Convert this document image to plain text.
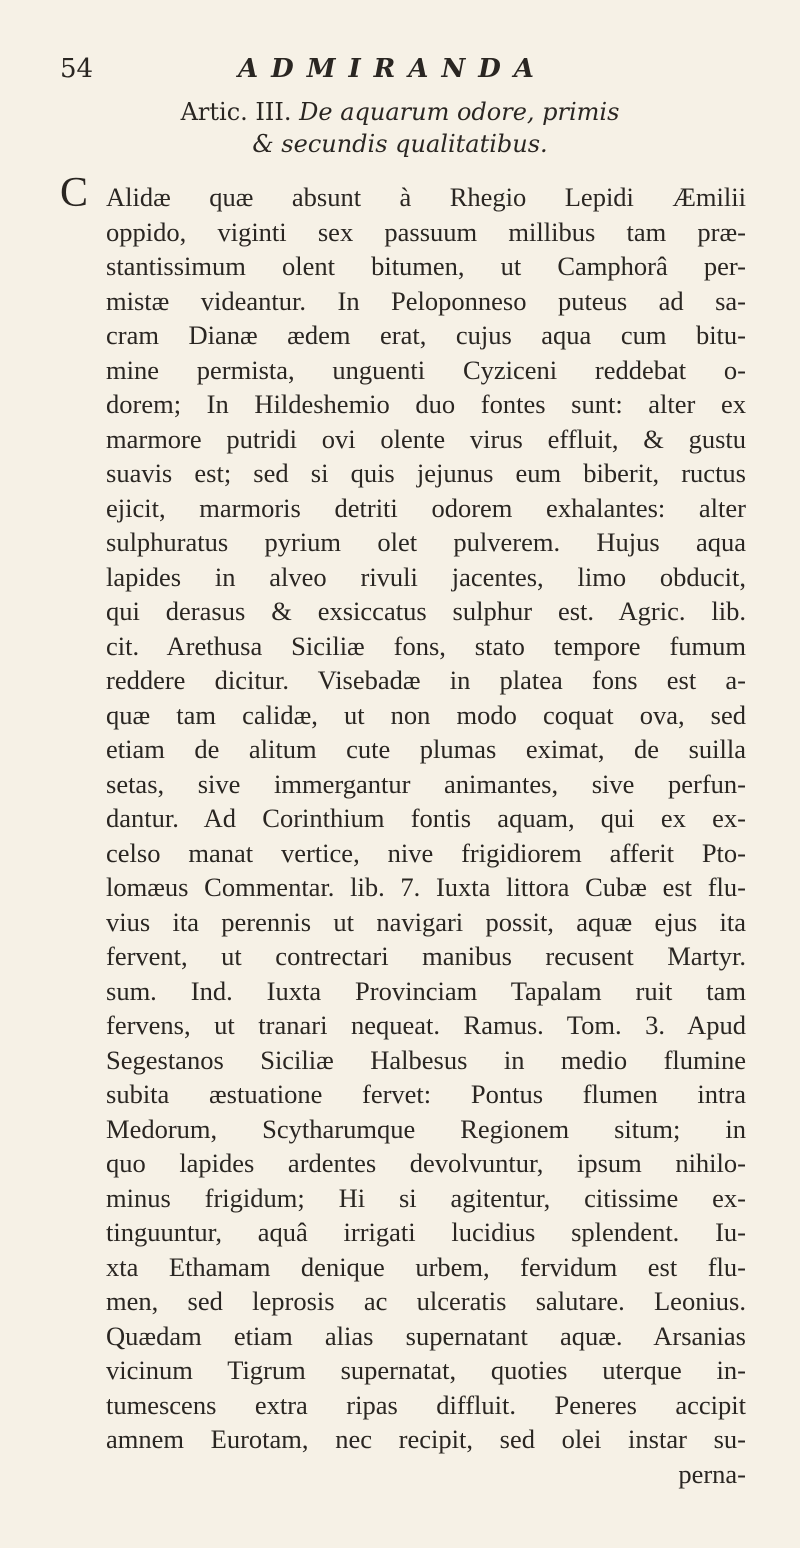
54	ADMIRANDA
Artic. III. De aquarum odore, primis
& secundis qualitatibus.
C Alidæ quæ absunt à Rhegio Lepidi Æmilii
oppido, viginti sex passuum millibus tam præ-
stantissimum olent bitumen, ut Camphorâ per-
mistæ videantur. In Peloponneso puteus ad sa-
cram Dianæ ædem erat, cujus aqua cum bitu-
mine permista, unguenti Cyziceni reddebat o-
dorem; In Hildeshemio duo fontes sunt: alter ex
marmore putridi ovi olente virus effluit, & gustu
suavis est; sed si quis jejunus eum biberit, ructus
ejicit, marmoris detriti odorem exhalantes: alter
sulphuratus pyrium olet pulverem. Hujus aqua
lapides in alveo rivuli jacentes, limo obducit,
qui derasus & exsiccatus sulphur est. Agric. lib.
cit. Arethusa Siciliæ fons, stato tempore fumum
reddere dicitur. Visebadæ in platea fons est a-
quæ tam calidæ, ut non modo coquat ova, sed
etiam de alitum cute plumas eximat, de suilla
setas, sive immergantur animantes, sive perfun-
dantur. Ad Corinthium fontis aquam, qui ex ex-
celso manat vertice, nive frigidiorem afferit Pto-
lomæus Commentar. lib. 7. Iuxta littora Cubæ est flu-
vius ita perennis ut navigari possit, aquæ ejus ita
fervent, ut contrectari manibus recusent Martyr.
sum. Ind. Iuxta Provinciam Tapalam ruit tam
fervens, ut tranari nequeat. Ramus. Tom. 3. Apud
Segestanos Siciliæ Halbesus in medio flumine
subita æstuatione fervet: Pontus flumen intra
Medorum, Scytharumque Regionem situm; in
quo lapides ardentes devolvuntur, ipsum nihilo-
minus frigidum; Hi si agitentur, citissime ex-
tinguuntur, aquâ irrigati lucidius splendent. Iu-
xta Ethamam denique urbem, fervidum est flu-
men, sed leprosis ac ulceratis salutare. Leonius.
Quædam etiam alias supernatant aquæ. Arsanias
vicinum Tigrum supernatat, quoties uterque in-
tumescens extra ripas diffluit. Peneres accipit
amnem Eurotam, nec recipit, sed olei instar su-
perna-
